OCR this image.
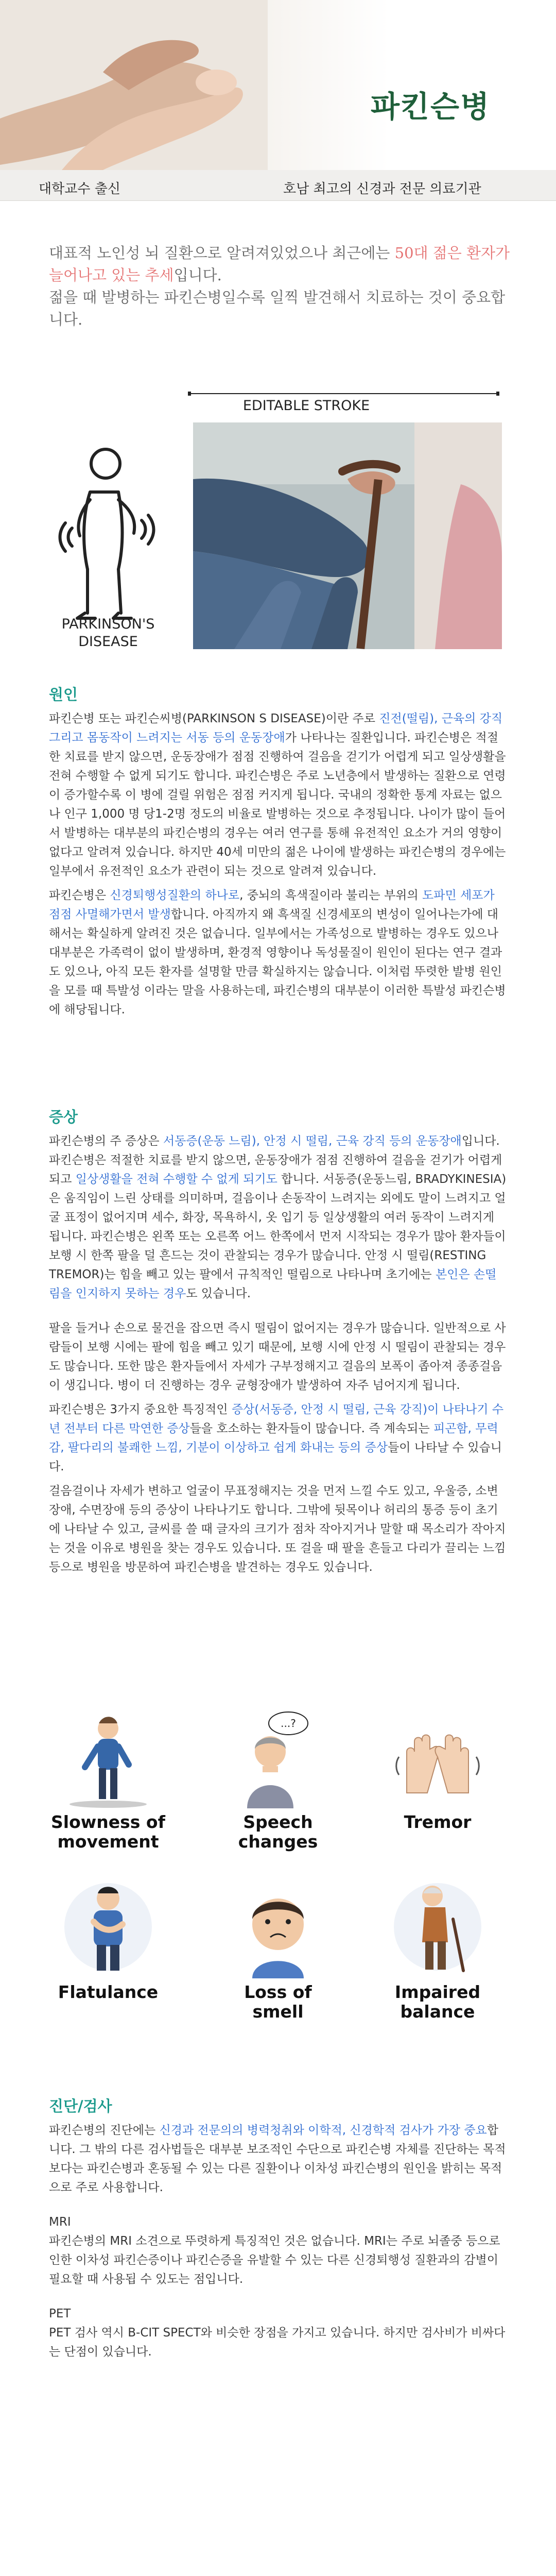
파킨슨병
대학교수 출신	호남 최고의 신경과 전문 의료기관
대표적 노인성 뇌 질환으로 알려져있었으나 최근에는 50대 젊은 환자가 늘어나고 있는 추세입니다.
젊을 때 발병하는 파킨슨병일수록 일찍 발견해서 치료하는 것이 중요합니다.
EDITABLE STROKE
PARKINSON'S
DISEASE
원인

파킨슨병 또는 파킨슨씨병(PARKINSON S DISEASE)이란 주로 진전(떨림), 근육의 강직 그리고 몸동작이 느려지는 서동 등의 운동장애가 나타나는 질환입니다. 파킨슨병은 적절한 치료를 받지 않으면, 운동장애가 점점 진행하여 걸음을 걷기가 어렵게 되고 일상생활을 전혀 수행할 수 없게 되기도 합니다. 파킨슨병은 주로 노년층에서 발생하는 질환으로 연령이 증가할수록 이 병에 걸릴 위험은 점점 커지게 됩니다. 국내의 정확한 통계 자료는 없으나 인구 1,000 명 당1-2명 정도의 비율로 발병하는 것으로 추정됩니다. 나이가 많이 들어서 발병하는 대부분의 파킨슨병의 경우는 여러 연구를 통해 유전적인 요소가 거의 영향이 없다고 알려져 있습니다. 하지만 40세 미만의 젊은 나이에 발생하는 파킨슨병의 경우에는 일부에서 유전적인 요소가 관련이 되는 것으로 알려져 있습니다.

파킨슨병은 신경퇴행성질환의 하나로, 중뇌의 흑색질이라 불리는 부위의 도파민 세포가 점점 사멸해가면서 발생합니다. 아직까지 왜 흑색질 신경세포의 변성이 일어나는가에 대해서는 확실하게 알려진 것은 없습니다. 일부에서는 가족성으로 발병하는 경우도 있으나 대부분은 가족력이 없이 발생하며, 환경적 영향이나 독성물질이 원인이 된다는 연구 결과도 있으나, 아직 모든 환자를 설명할 만큼 확실하지는 않습니다. 이처럼 뚜렷한 발병 원인을 모를 때 특발성 이라는 말을 사용하는데, 파킨슨병의 대부분이 이러한 특발성 파킨슨병에 해당됩니다.

증상

파킨슨병의 주 증상은 서동증(운동 느림), 안정 시 떨림, 근육 강직 등의 운동장애입니다. 파킨슨병은 적절한 치료를 받지 않으면, 운동장애가 점점 진행하여 걸음을 걷기가 어렵게 되고 일상생활을 전혀 수행할 수 없게 되기도 합니다. 서동증(운동느림, BRADYKINESIA)은 움직임이 느린 상태를 의미하며, 걸음이나 손동작이 느려지는 외에도 말이 느려지고 얼굴 표정이 없어지며 세수, 화장, 목욕하시, 옷 입기 등 일상생활의 여러 동작이 느려지게 됩니다. 파킨슨병은 왼쪽 또는 오른쪽 어느 한쪽에서 먼저 시작되는 경우가 많아 환자들이 보행 시 한쪽 팔을 덜 흔드는 것이 관찰되는 경우가 많습니다. 안정 시 떨림(RESTING TREMOR)는 힘을 빼고 있는 팔에서 규칙적인 떨림으로 나타나며 초기에는 본인은 손떨림을 인지하지 못하는 경우도 있습니다.

팔을 들거나 손으로 물건을 잡으면 즉시 떨림이 없어지는 경우가 많습니다. 일반적으로 사람들이 보행 시에는 팔에 힘을 빼고 있기 때문에, 보행 시에 안정 시 떨림이 관찰되는 경우도 많습니다. 또한 많은 환자들에서 자세가 구부정해지고 걸음의 보폭이 좁아져 종종걸음이 생깁니다. 병이 더 진행하는 경우 균형장애가 발생하여 자주 넘어지게 됩니다.

파킨슨병은 3가지 중요한 특징적인 증상(서동증, 안정 시 떨림, 근육 강직)이 나타나기 수년 전부터 다른 막연한 증상들을 호소하는 환자들이 많습니다. 즉 계속되는 피곤함, 무력감, 팔다리의 불쾌한 느낌, 기분이 이상하고 쉽게 화내는 등의 증상들이 나타날 수 있습니다.

걸음걸이나 자세가 변하고 얼굴이 무표정해지는 것을 먼저 느낄 수도 있고, 우울증, 소변장애, 수면장애 등의 증상이 나타나기도 합니다. 그밖에 뒷목이나 허리의 통증 등이 초기에 나타날 수 있고, 글씨를 쓸 때 글자의 크기가 점차 작아지거나 말할 때 목소리가 작아지는 것을 이유로 병원을 찾는 경우도 있습니다. 또 걸을 때 팔을 흔들고 다리가 끌리는 느낌 등으로 병원을 방문하여 파킨슨병을 발견하는 경우도 있습니다.

Slowness of
movement
...?
Speech
changes
Tremor
Flatulance	Loss of
smell
Impaired
balance
진단/검사

파킨슨병의 진단에는 신경과 전문의의 병력청취와 이학적, 신경학적 검사가 가장 중요합니다. 그 밖의 다른 검사법들은 대부분 보조적인 수단으로 파킨슨병 자체를 진단하는 목적보다는 파킨슨병과 혼동될 수 있는 다른 질환이나 이차성 파킨슨병의 원인을 밝히는 목적으로 주로 사용합니다.

MRI

파킨슨병의 MRI 소견으로 뚜렷하게 특징적인 것은 없습니다. MRI는 주로 뇌졸중 등으로 인한 이차성 파킨슨증이나 파킨슨증을 유발할 수 있는 다른 신경퇴행성 질환과의 감별이 필요할 때 사용됩 수 있도는 점입니다.

PET

PET 검사 역시 B-CIT SPECT와 비슷한 장점을 가지고 있습니다. 하지만 검사비가 비싸다는 단점이 있습니다.
